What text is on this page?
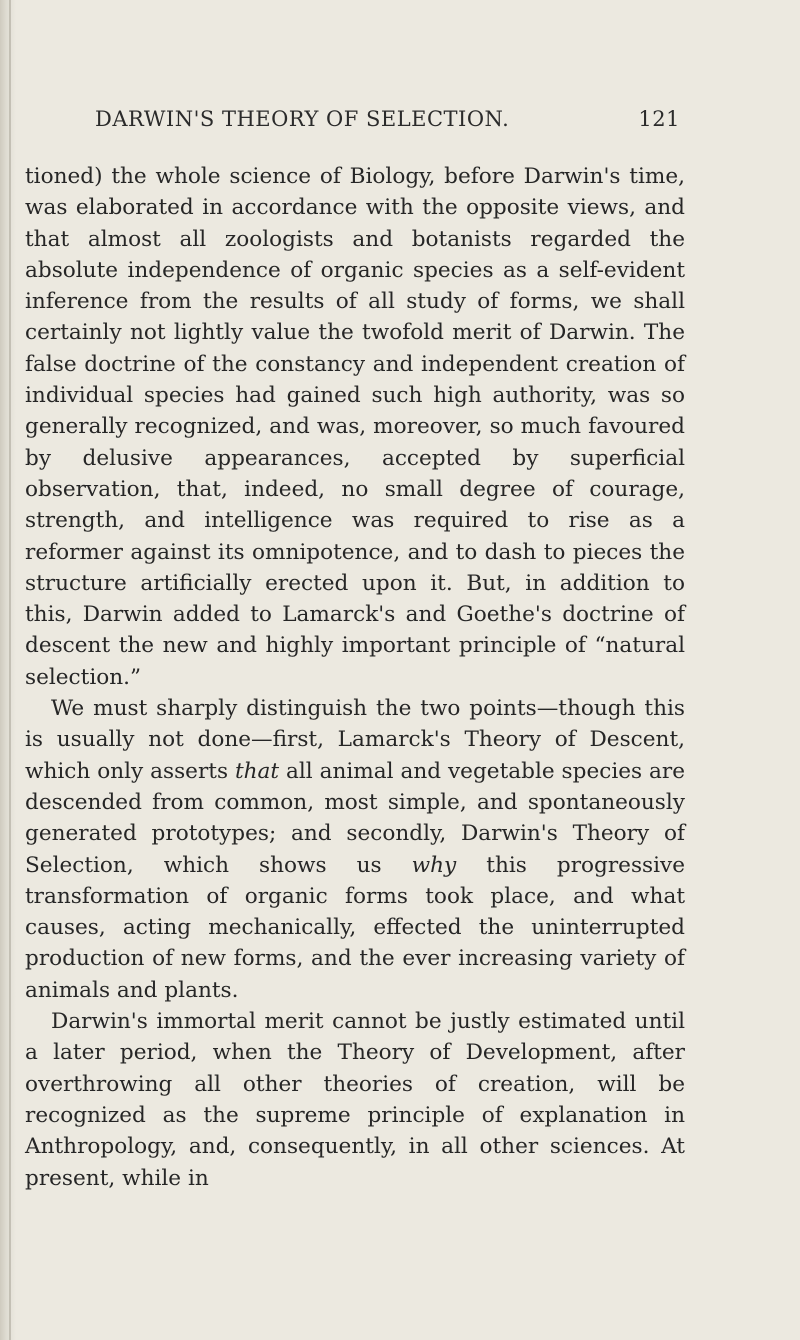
DARWIN'S THEORY OF SELECTION.	121

tioned) the whole science of Biology, before Darwin's time, was elaborated in accordance with the opposite views, and that almost all zoologists and botanists regarded the absolute independence of organic species as a self-evident inference from the results of all study of forms, we shall certainly not lightly value the twofold merit of Darwin. The false doctrine of the constancy and independent creation of individual species had gained such high authority, was so generally recognized, and was, moreover, so much favoured by delusive appearances, accepted by superficial observation, that, indeed, no small degree of courage, strength, and intelligence was required to rise as a reformer against its omnipotence, and to dash to pieces the structure artificially erected upon it. But, in addition to this, Darwin added to Lamarck's and Goethe's doctrine of descent the new and highly important principle of “natural selection.”

We must sharply distinguish the two points—though this is usually not done—first, Lamarck's Theory of Descent, which only asserts that all animal and vegetable species are descended from common, most simple, and spontaneously generated prototypes; and secondly, Darwin's Theory of Selection, which shows us why this progressive transformation of organic forms took place, and what causes, acting mechanically, effected the uninterrupted production of new forms, and the ever increasing variety of animals and plants.

Darwin's immortal merit cannot be justly estimated until a later period, when the Theory of Development, after overthrowing all other theories of creation, will be recognized as the supreme principle of explanation in Anthropology, and, consequently, in all other sciences. At present, while in
